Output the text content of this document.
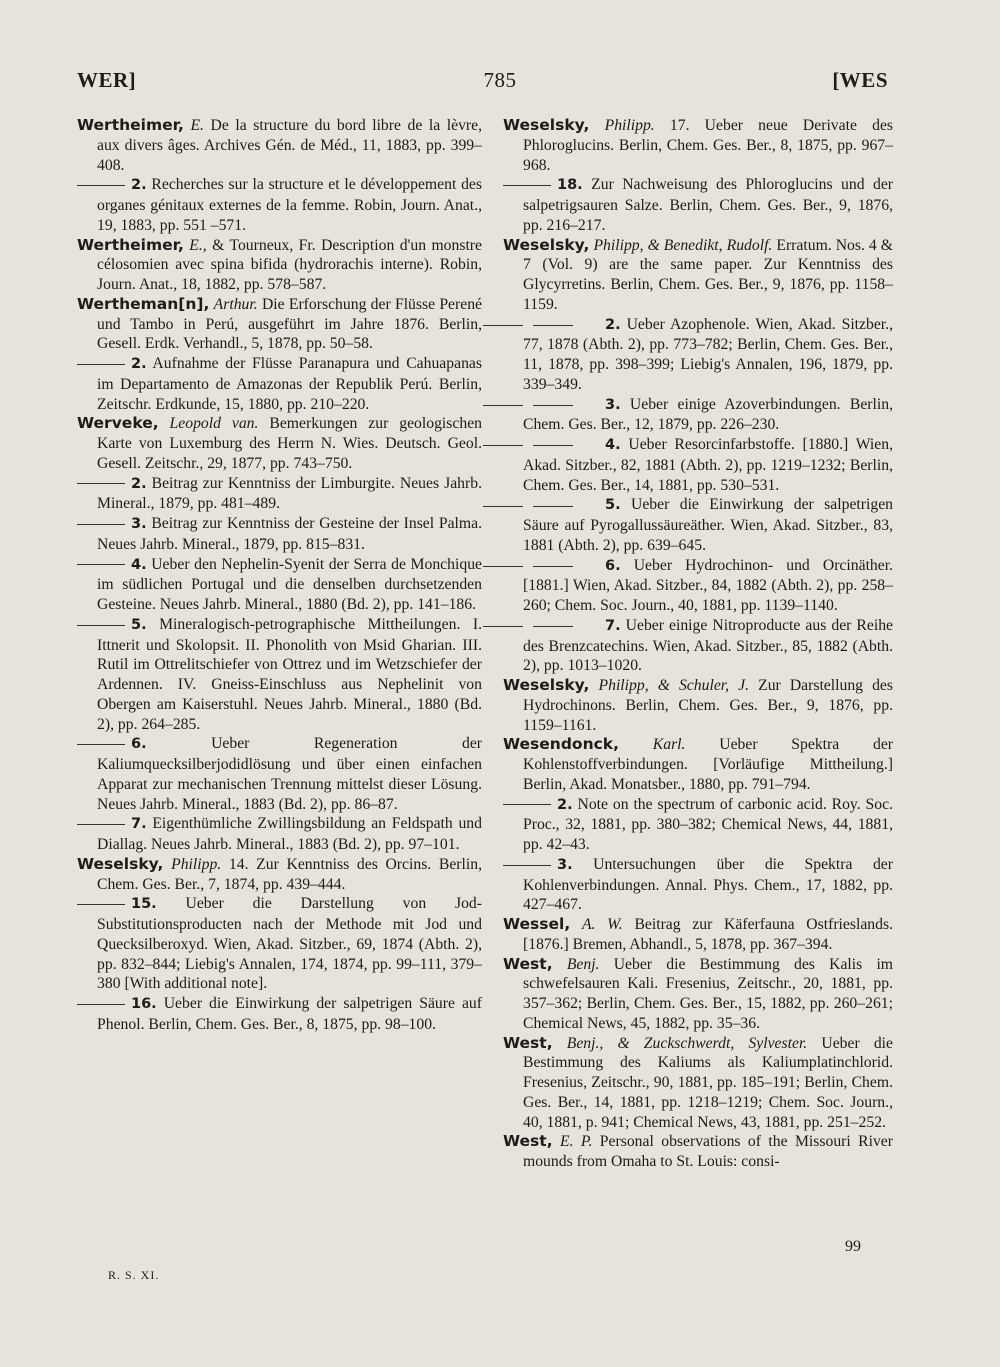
WER]	785	[WES

Wertheimer, E. De la structure du bord libre de la lèvre, aux divers âges. Archives Gén. de Méd., 11, 1883, pp. 399–408.

2. Recherches sur la structure et le développement des organes génitaux externes de la femme. Robin, Journ. Anat., 19, 1883, pp. 551 –571.

Wertheimer, E., & Tourneux, Fr. Description d'un monstre célosomien avec spina bifida (hydrorachis interne). Robin, Journ. Anat., 18, 1882, pp. 578–587.

Wertheman[n], Arthur. Die Erforschung der Flüsse Perené und Tambo in Perú, ausgeführt im Jahre 1876. Berlin, Gesell. Erdk. Verhandl., 5, 1878, pp. 50–58.

2. Aufnahme der Flüsse Paranapura und Cahuapanas im Departamento de Amazonas der Republik Perú. Berlin, Zeitschr. Erdkunde, 15, 1880, pp. 210–220.

Werveke, Leopold van. Bemerkungen zur geologischen Karte von Luxemburg des Herrn N. Wies. Deutsch. Geol. Gesell. Zeitschr., 29, 1877, pp. 743–750.

2. Beitrag zur Kenntniss der Limburgite. Neues Jahrb. Mineral., 1879, pp. 481–489.

3. Beitrag zur Kenntniss der Gesteine der Insel Palma. Neues Jahrb. Mineral., 1879, pp. 815–831.

4. Ueber den Nephelin-Syenit der Serra de Monchique im südlichen Portugal und die denselben durchsetzenden Gesteine. Neues Jahrb. Mineral., 1880 (Bd. 2), pp. 141–186.

5. Mineralogisch-petrographische Mittheilungen. I. Ittnerit und Skolopsit. II. Phonolith von Msid Gharian. III. Rutil im Ottrelitschiefer von Ottrez und im Wetzschiefer der Ardennen. IV. Gneiss-Einschluss aus Nephelinit von Obergen am Kaiserstuhl. Neues Jahrb. Mineral., 1880 (Bd. 2), pp. 264–285.

6.	Ueber Regeneration der Kaliumquecksilberjodidlösung und über einen einfachen Apparat zur mechanischen Trennung mittelst dieser Lösung. Neues Jahrb. Mineral., 1883 (Bd. 2), pp. 86–87.

7. Eigenthümliche Zwillingsbildung an Feldspath und Diallag. Neues Jahrb. Mineral., 1883 (Bd. 2), pp. 97–101.

Weselsky, Philipp. 14. Zur Kenntniss des Orcins. Berlin, Chem. Ges. Ber., 7, 1874, pp. 439–444.

15. Ueber die Darstellung von Jod-Substitutionsproducten nach der Methode mit Jod und Quecksilberoxyd. Wien, Akad. Sitzber., 69, 1874 (Abth. 2), pp. 832–844; Liebig's Annalen, 174, 1874, pp. 99–111, 379–380 [With additional note].

16. Ueber die Einwirkung der salpetrigen Säure auf Phenol. Berlin, Chem. Ges. Ber., 8, 1875, pp. 98–100.

Weselsky, Philipp. 17. Ueber neue Derivate des Phloroglucins. Berlin, Chem. Ges. Ber., 8, 1875, pp. 967–968.

18. Zur Nachweisung des Phloroglucins und der salpetrigsauren Salze. Berlin, Chem. Ges. Ber., 9, 1876, pp. 216–217.

Weselsky, Philipp, & Benedikt, Rudolf. Erratum. Nos. 4 & 7 (Vol. 9) are the same paper. Zur Kenntniss des Glycyrretins. Berlin, Chem. Ges. Ber., 9, 1876, pp. 1158–1159.

2. Ueber Azophenole. Wien, Akad. Sitzber., 77, 1878 (Abth. 2), pp. 773–782; Berlin, Chem. Ges. Ber., 11, 1878, pp. 398–399; Liebig's Annalen, 196, 1879, pp. 339–349.

3. Ueber einige Azoverbindungen. Berlin, Chem. Ges. Ber., 12, 1879, pp. 226–230.

4. Ueber Resorcinfarbstoffe. [1880.] Wien, Akad. Sitzber., 82, 1881 (Abth. 2), pp. 1219–1232; Berlin, Chem. Ges. Ber., 14, 1881, pp. 530–531.

5. Ueber die Einwirkung der salpetrigen Säure auf Pyrogallussäureäther. Wien, Akad. Sitzber., 83, 1881 (Abth. 2), pp. 639–645.

6. Ueber Hydrochinon- und Orcinäther. [1881.] Wien, Akad. Sitzber., 84, 1882 (Abth. 2), pp. 258–260; Chem. Soc. Journ., 40, 1881, pp. 1139–1140.

7. Ueber einige Nitroproducte aus der Reihe des Brenzcatechins. Wien, Akad. Sitzber., 85, 1882 (Abth. 2), pp. 1013–1020.

Weselsky, Philipp, & Schuler, J. Zur Darstellung des Hydrochinons. Berlin, Chem. Ges. Ber., 9, 1876, pp. 1159–1161.

Wesendonck, Karl. Ueber Spektra der Kohlenstoffverbindungen. [Vorläufige Mittheilung.] Berlin, Akad. Monatsber., 1880, pp. 791–794.

2. Note on the spectrum of carbonic acid. Roy. Soc. Proc., 32, 1881, pp. 380–382; Chemical News, 44, 1881, pp. 42–43.

3. Untersuchungen über die Spektra der Kohlenverbindungen. Annal. Phys. Chem., 17, 1882, pp. 427–467.

Wessel, A. W. Beitrag zur Käferfauna Ostfrieslands. [1876.] Bremen, Abhandl., 5, 1878, pp. 367–394.

West, Benj. Ueber die Bestimmung des Kalis im schwefelsauren Kali. Fresenius, Zeitschr., 20, 1881, pp. 357–362; Berlin, Chem. Ges. Ber., 15, 1882, pp. 260–261; Chemical News, 45, 1882, pp. 35–36.

West, Benj., & Zuckschwerdt, Sylvester. Ueber die Bestimmung des Kaliums als Kaliumplatinchlorid. Fresenius, Zeitschr., 90, 1881, pp. 185–191; Berlin, Chem. Ges. Ber., 14, 1881, pp. 1218–1219; Chem. Soc. Journ., 40, 1881, p. 941; Chemical News, 43, 1881, pp. 251–252.

West, E. P. Personal observations of the Missouri River mounds from Omaha to St. Louis: consi-

99
R. S. XI.
